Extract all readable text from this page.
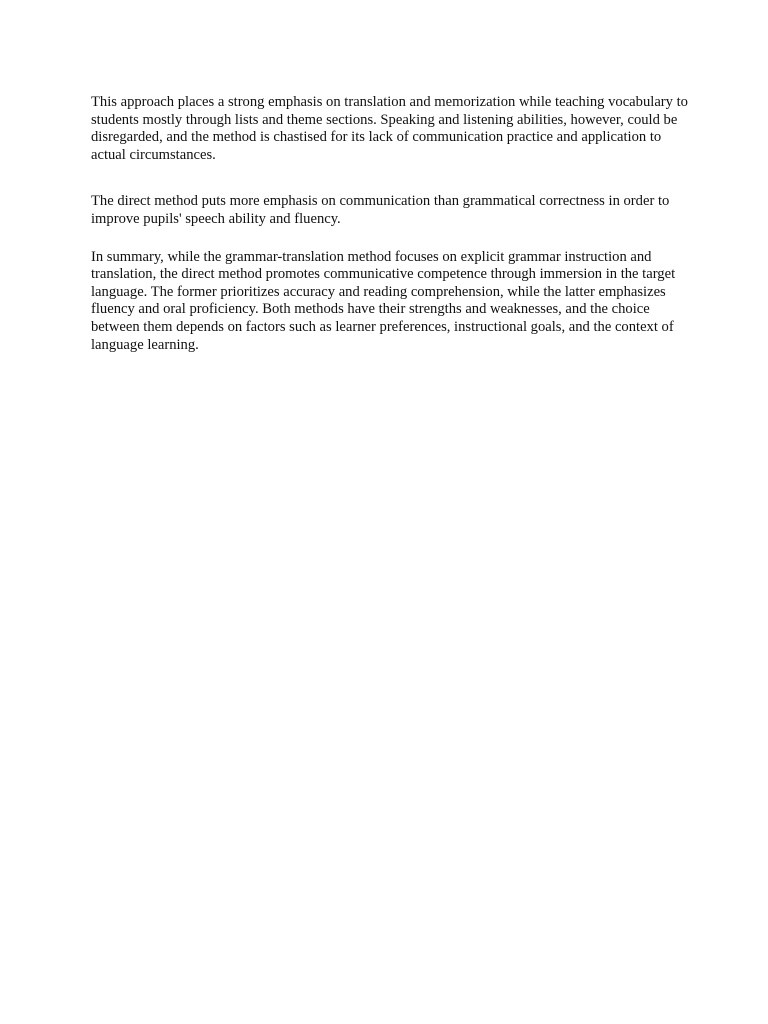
This approach places a strong emphasis on translation and memorization while teaching vocabulary to students mostly through lists and theme sections. Speaking and listening abilities, however, could be disregarded, and the method is chastised for its lack of communication practice and application to actual circumstances.

The direct method puts more emphasis on communication than grammatical correctness in order to improve pupils' speech ability and fluency.

In summary, while the grammar-translation method focuses on explicit grammar instruction and translation, the direct method promotes communicative competence through immersion in the target language. The former prioritizes accuracy and reading comprehension, while the latter emphasizes fluency and oral proficiency. Both methods have their strengths and weaknesses, and the choice between them depends on factors such as learner preferences, instructional goals, and the context of language learning.
